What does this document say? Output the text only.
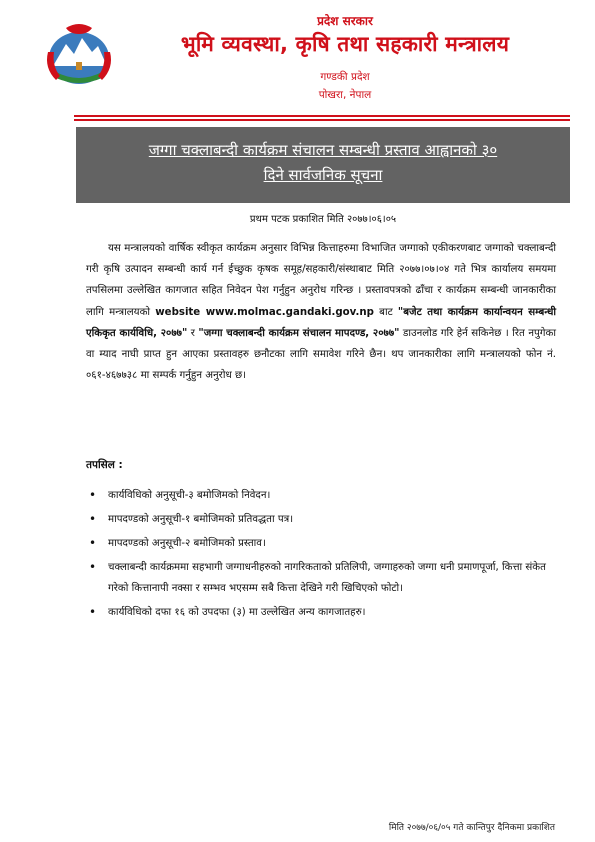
प्रदेश सरकार
भूमि व्यवस्था, कृषि तथा सहकारी मन्त्रालय
गण्डकी प्रदेश
पोखरा, नेपाल
जग्गा चक्लाबन्दी कार्यक्रम संचालन सम्बन्धी प्रस्ताव आह्वानको ३०
दिने सार्वजनिक सूचना
प्रथम पटक प्रकाशित मिति २०७७।०६।०५

यस मन्त्रालयको वार्षिक स्वीकृत कार्यक्रम अनुसार विभिन्न कित्ताहरुमा विभाजित जग्गाको एकीकरणबाट जग्गाको चक्लाबन्दी गरी कृषि उत्पादन सम्बन्धी कार्य गर्न ईच्छुक कृषक समूह/सहकारी/संस्थाबाट मिति २०७७।०७।०४ गते भित्र कार्यालय समयमा तपसिलमा उल्लेखित कागजात सहित निवेदन पेश गर्नुहुन अनुरोध गरिन्छ । प्रस्तावपत्रको ढाँचा र कार्यक्रम सम्बन्धी जानकारीका लागि मन्त्रालयको website www.molmac.gandaki.gov.np बाट "बजेट तथा कार्यक्रम कार्यान्वयन सम्बन्धी एकिकृत कार्यविधि, २०७७" र "जग्गा चक्लाबन्दी कार्यक्रम संचालन मापदण्ड, २०७७" डाउनलोड गरि हेर्न सकिनेछ । रित नपुगेका वा म्याद नाघी प्राप्त हुन आएका प्रस्तावहरु छनौटका लागि समावेश गरिने छैन। थप जानकारीका लागि मन्त्रालयको फोन नं. ०६१-४६७७३८ मा सम्पर्क गर्नुहुन अनुरोध छ।

तपसिल :
• कार्यविधिको अनुसूची-३ बमोजिमको निवेदन।
• मापदण्डको अनुसूची-१ बमोजिमको प्रतिवद्धता पत्र।
• मापदण्डको अनुसूची-२ बमोजिमको प्रस्ताव।
• चक्लाबन्दी कार्यक्रममा सहभागी जग्गाधनीहरुको नागरिकताको प्रतिलिपी, जग्गाहरुको जग्गा धनी प्रमाणपूर्जा, कित्ता संकेत गरेको कित्तानापी नक्सा र सम्भव भएसम्म सबै कित्ता देखिने गरी खिचिएको फोटो।
• कार्यविधिको दफा १६ को उपदफा (३) मा उल्लेखित अन्य कागजातहरु।
मिति २०७७/०६/०५ गते कान्तिपुर दैनिकमा प्रकाशित
